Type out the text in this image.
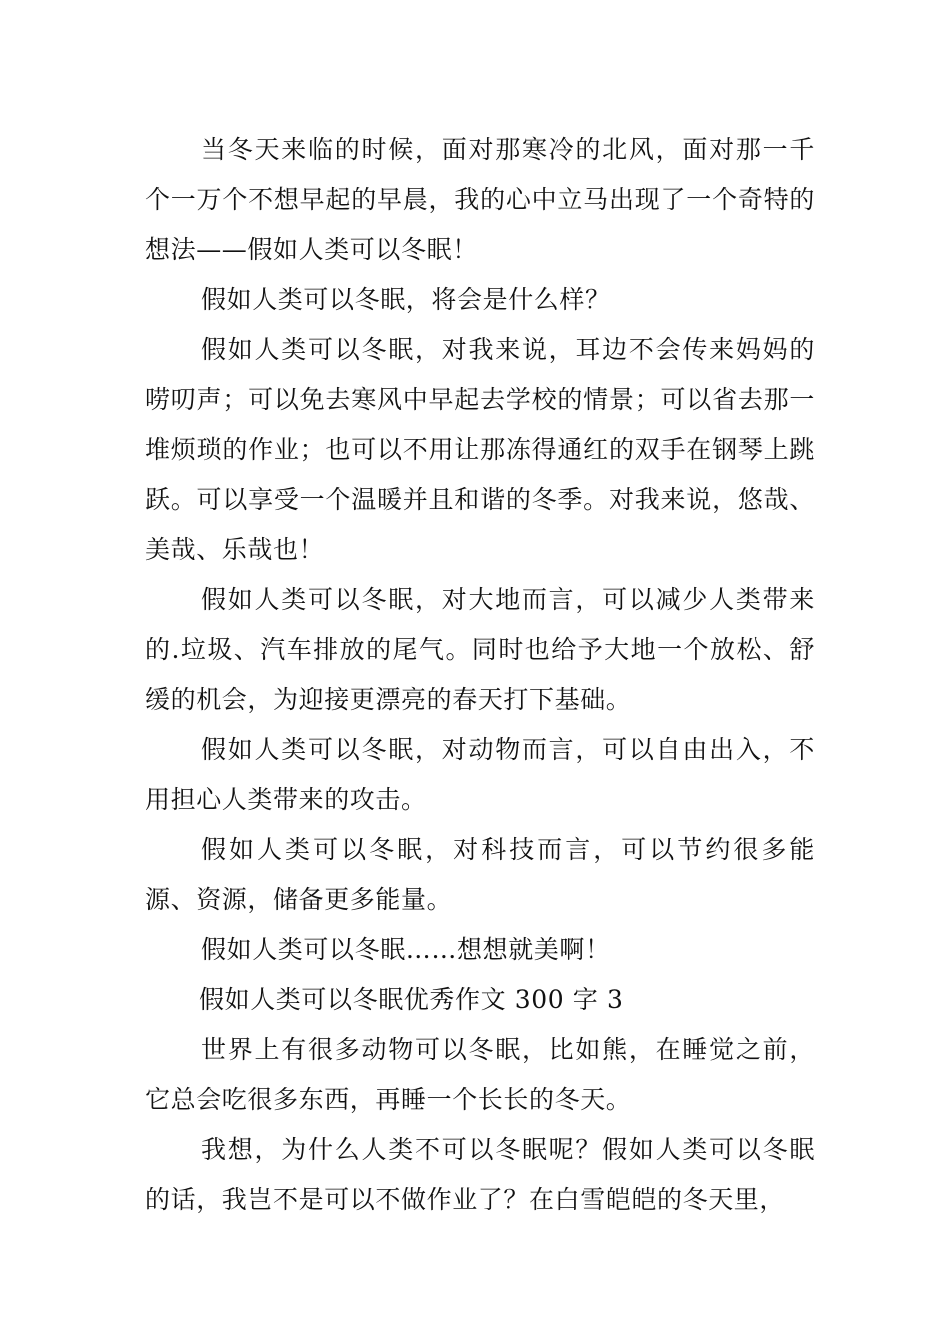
当冬天来临的时候，面对那寒冷的北风，面对那一千个一万个不想早起的早晨，我的心中立马出现了一个奇特的想法——假如人类可以冬眠！

假如人类可以冬眠，将会是什么样？

假如人类可以冬眠，对我来说，耳边不会传来妈妈的唠叨声；可以免去寒风中早起去学校的情景；可以省去那一堆烦琐的作业；也可以不用让那冻得通红的双手在钢琴上跳跃。可以享受一个温暖并且和谐的冬季。对我来说，悠哉、美哉、乐哉也！

假如人类可以冬眠，对大地而言，可以减少人类带来的.垃圾、汽车排放的尾气。同时也给予大地一个放松、舒缓的机会，为迎接更漂亮的春天打下基础。

假如人类可以冬眠，对动物而言，可以自由出入，不用担心人类带来的攻击。

假如人类可以冬眠，对科技而言，可以节约很多能源、资源，储备更多能量。

假如人类可以冬眠……想想就美啊！

假如人类可以冬眠优秀作文 300 字 3

世界上有很多动物可以冬眠，比如熊，在睡觉之前，它总会吃很多东西，再睡一个长长的冬天。

我想，为什么人类不可以冬眠呢？假如人类可以冬眠的话，我岂不是可以不做作业了？在白雪皑皑的冬天里，
